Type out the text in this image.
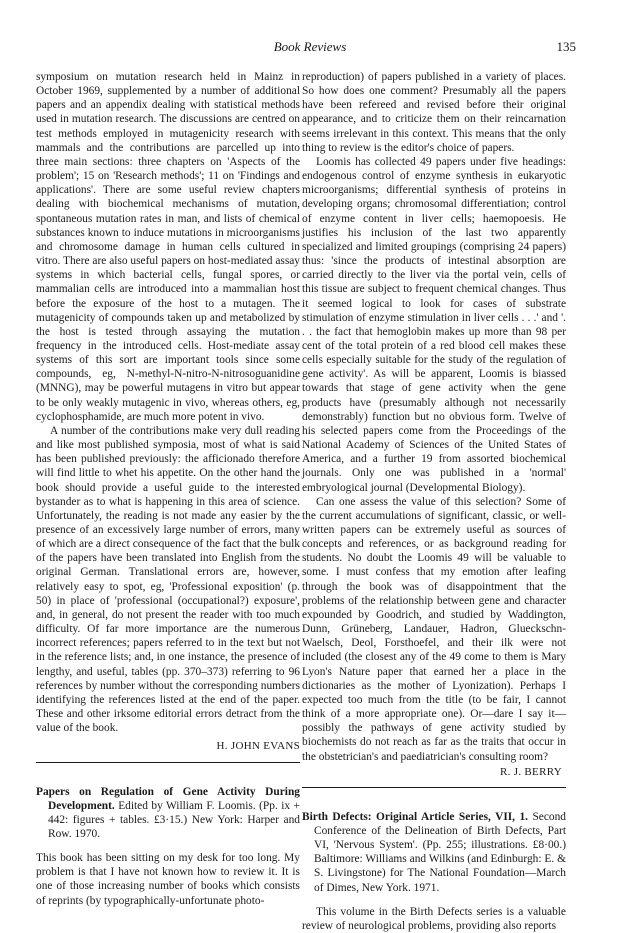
Book Reviews	135

symposium on mutation research held in Mainz in October 1969, supplemented by a number of additional papers and an appendix dealing with statistical methods used in mutation research. The discussions are centred on test methods employed in mutagenicity research with mammals and the contributions are parcelled up into three main sections: three chapters on 'Aspects of the problem'; 15 on 'Research methods'; 11 on 'Findings and applications'. There are some useful review chapters dealing with biochemical mechanisms of mutation, spontaneous mutation rates in man, and lists of chemical substances known to induce mutations in microorganisms and chromosome damage in human cells cultured in vitro. There are also useful papers on host-mediated assay systems in which bacterial cells, fungal spores, or mammalian cells are introduced into a mammalian host before the exposure of the host to a mutagen. The mutagenicity of compounds taken up and metabolized by the host is tested through assaying the mutation frequency in the introduced cells. Host-mediate assay systems of this sort are important tools since some compounds, eg, N-methyl-N-nitro-N-nitrosoguanidine (MNNG), may be powerful mutagens in vitro but appear to be only weakly mutagenic in vivo, whereas others, eg, cyclophosphamide, are much more potent in vivo.

A number of the contributions make very dull reading and like most published symposia, most of what is said has been published previously: the afficionado therefore will find little to whet his appetite. On the other hand the book should provide a useful guide to the interested bystander as to what is happening in this area of science. Unfortunately, the reading is not made any easier by the presence of an excessively large number of errors, many of which are a direct consequence of the fact that the bulk of the papers have been translated into English from the original German. Translational errors are, however, relatively easy to spot, eg, 'Professional exposition' (p. 50) in place of 'professional (occupational?) exposure', and, in general, do not present the reader with too much difficulty. Of far more importance are the numerous incorrect references; papers referred to in the text but not in the reference lists; and, in one instance, the presence of lengthy, and useful, tables (pp. 370–373) referring to 96 references by number without the corresponding numbers identifying the references listed at the end of the paper. These and other irksome editorial errors detract from the value of the book.

H. JOHN EVANS

Papers on Regulation of Gene Activity During Development. Edited by William F. Loomis. (Pp. ix + 442: figures + tables. £3·15.) New York: Harper and Row. 1970.

This book has been sitting on my desk for too long. My problem is that I have not known how to review it. It is one of those increasing number of books which consists of reprints (by typographically-unfortunate photo-

reproduction) of papers published in a variety of places. So how does one comment? Presumably all the papers have been refereed and revised before their original appearance, and to criticize them on their reincarnation seems irrelevant in this context. This means that the only thing to review is the editor's choice of papers.

Loomis has collected 49 papers under five headings: endogenous control of enzyme synthesis in eukaryotic microorganisms; differential synthesis of proteins in developing organs; chromosomal differentiation; control of enzyme content in liver cells; haemopoesis. He justifies his inclusion of the last two apparently specialized and limited groupings (comprising 24 papers) thus: 'since the products of intestinal absorption are carried directly to the liver via the portal vein, cells of this tissue are subject to frequent chemical changes. Thus it seemed logical to look for cases of substrate stimulation of enzyme stimulation in liver cells . . .' and '. . . the fact that hemoglobin makes up more than 98 per cent of the total protein of a red blood cell makes these cells especially suitable for the study of the regulation of gene activity'. As will be apparent, Loomis is biassed towards that stage of gene activity when the gene products have (presumably although not necessarily demonstrably) function but no obvious form. Twelve of his selected papers come from the Proceedings of the National Academy of Sciences of the United States of America, and a further 19 from assorted biochemical journals. Only one was published in a 'normal' embryological journal (Developmental Biology).

Can one assess the value of this selection? Some of the current accumulations of significant, classic, or well-written papers can be extremely useful as sources of concepts and references, or as background reading for students. No doubt the Loomis 49 will be valuable to some. I must confess that my emotion after leafing through the book was of disappointment that the problems of the relationship between gene and character expounded by Goodrich, and studied by Waddington, Dunn, Grüneberg, Landauer, Hadron, Glueckschn-Waelsch, Deol, Forsthoefel, and their ilk were not included (the closest any of the 49 come to them is Mary Lyon's Nature paper that earned her a place in the dictionaries as the mother of Lyonization). Perhaps I expected too much from the title (to be fair, I cannot think of a more appropriate one). Or—dare I say it—possibly the pathways of gene activity studied by biochemists do not reach as far as the traits that occur in the obstetrician's and paediatrician's consulting room?

R. J. BERRY

Birth Defects: Original Article Series, VII, 1. Second Conference of the Delineation of Birth Defects, Part VI, 'Nervous System'. (Pp. 255; illustrations. £8·00.) Baltimore: Williams and Wilkins (and Edinburgh: E. & S. Livingstone) for The National Foundation—March of Dimes, New York. 1971.

This volume in the Birth Defects series is a valuable review of neurological problems, providing also reports
